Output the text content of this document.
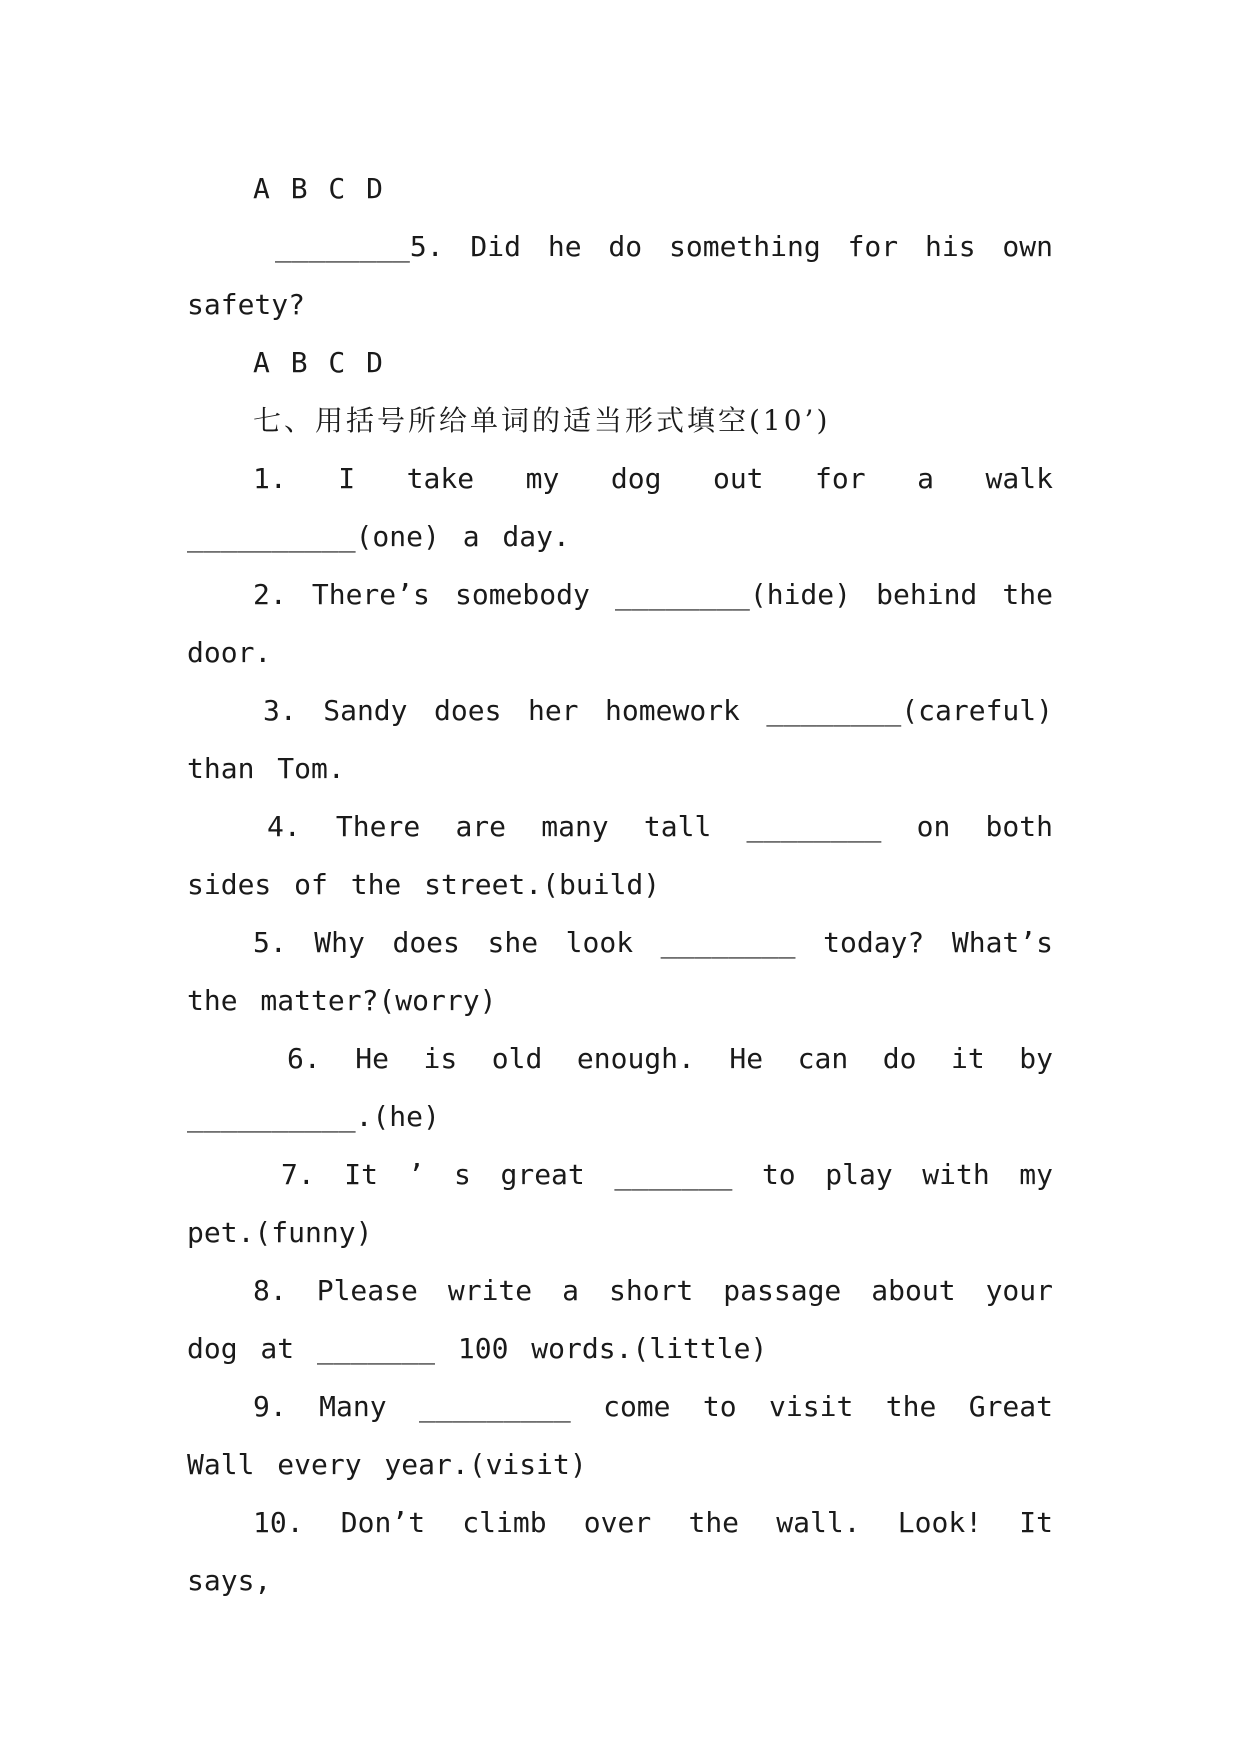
A B C D

________5. Did he do something for his own safety?

A B C D

七、用括号所给单词的适当形式填空(10’)

1. I take my dog out for a walk __________(one) a day.

2. There’s somebody ________(hide) behind the door.

3. Sandy does her homework ________(careful) than Tom.

4. There are many tall ________ on both sides of the street.(build)

5. Why does she look ________ today? What’s the matter?(worry)

6. He is old enough. He can do it by __________.(he)

7. It ’ s great _______ to play with my pet.(funny)

8. Please write a short passage about your dog at _______ 100 words.(little)

9. Many _________ come to visit the Great Wall every year.(visit)

10. Don’t climb over the wall. Look! It says,
